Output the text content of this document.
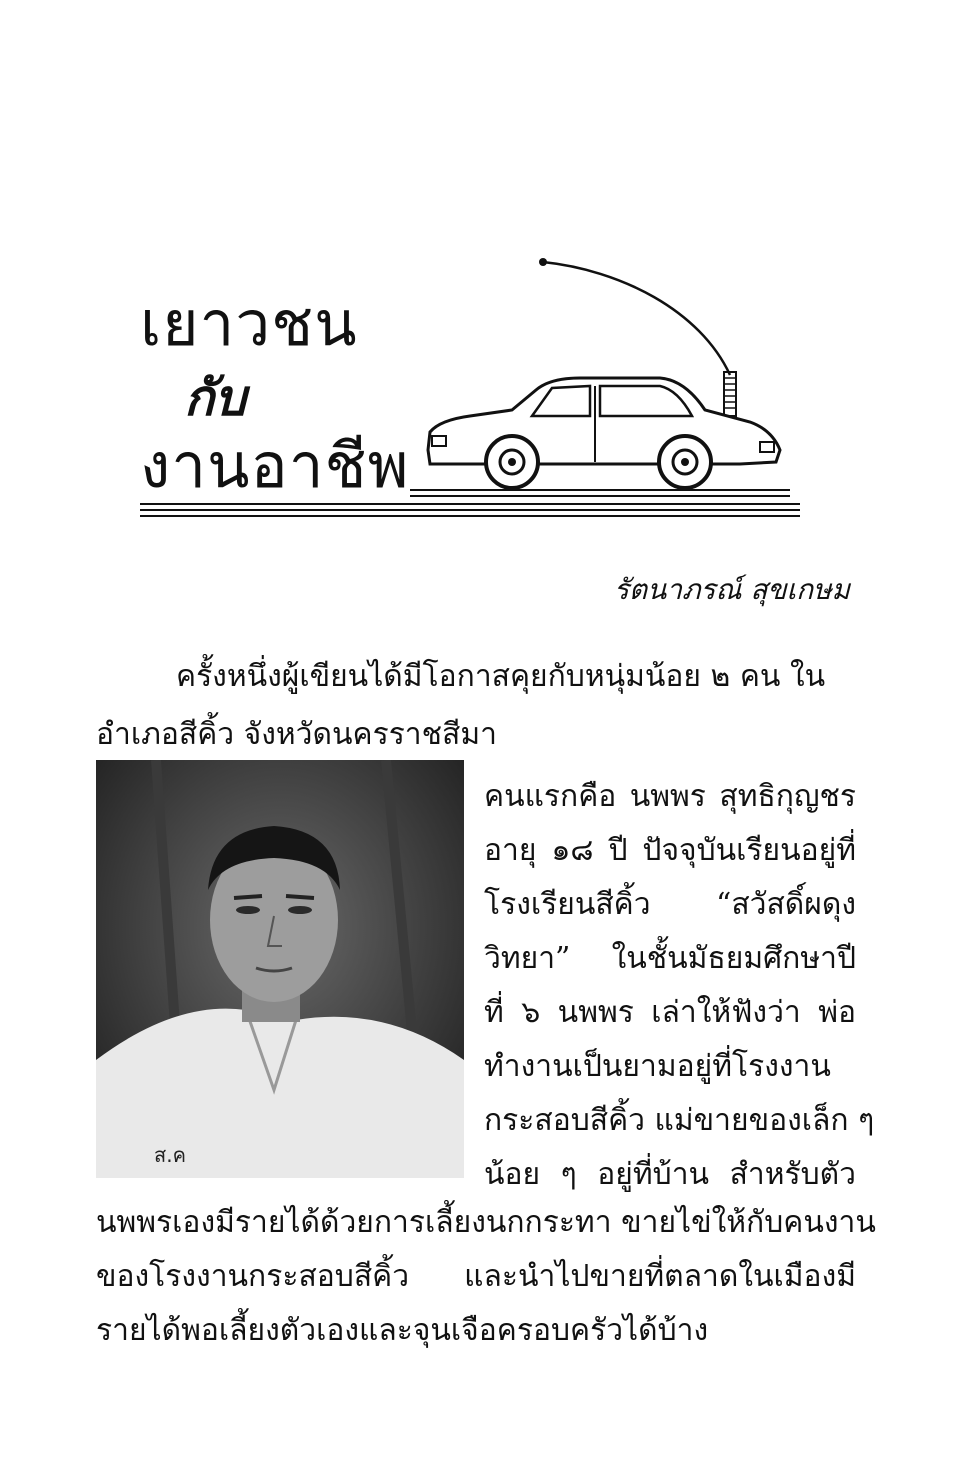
เยาวชน
กับ
งานอาชีพ
รัตนาภรณ์ สุขเกษม
ครั้งหนึ่งผู้เขียนได้มีโอกาสคุยกับหนุ่มน้อย ๒ คน ใน
อำเภอสีคิ้ว จังหวัดนครราชสีมา
ส.ค
คนแรกคือ นพพร สุทธิกุญชร
อายุ ๑๘ ปี ปัจจุบันเรียนอยู่ที่
โรงเรียนสีคิ้ว “สวัสดิ์ผดุง
วิทยา” ในชั้นมัธยมศึกษาปี
ที่ ๖ นพพร เล่าให้ฟังว่า พ่อ
ทำงานเป็นยามอยู่ที่โรงงาน
กระสอบสีคิ้ว แม่ขายของเล็ก ๆ
น้อย ๆ อยู่ที่บ้าน สำหรับตัว
นพพรเองมีรายได้ด้วยการเลี้ยงนกกระทา ขายไข่ให้กับคนงาน
ของโรงงานกระสอบสีคิ้ว และนำไปขายที่ตลาดในเมืองมี
รายได้พอเลี้ยงตัวเองและจุนเจือครอบครัวได้บ้าง
